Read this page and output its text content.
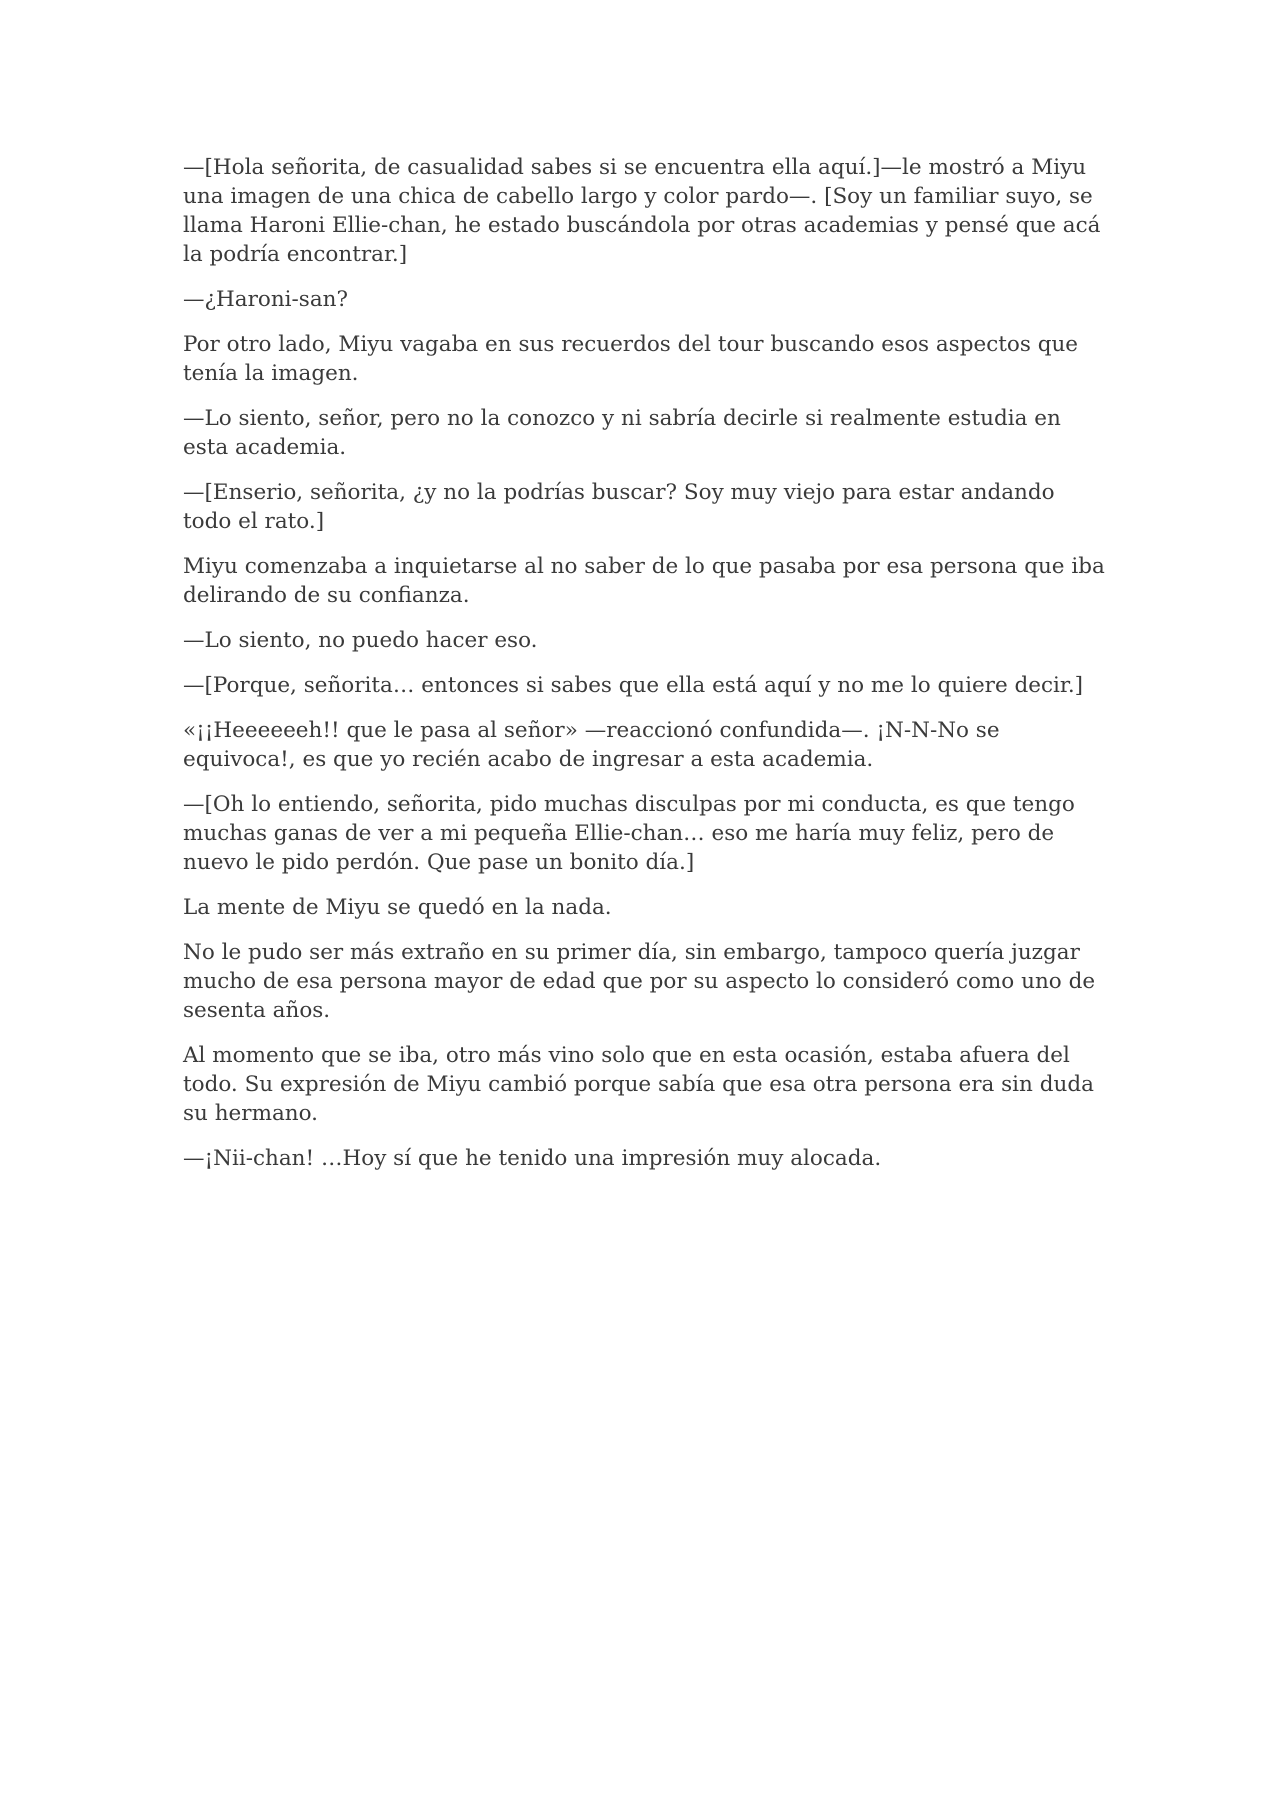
—[Hola señorita, de casualidad sabes si se encuentra ella aquí.]—le mostró a Miyu una imagen de una chica de cabello largo y color pardo—. [Soy un familiar suyo, se llama Haroni Ellie-chan, he estado buscándola por otras academias y pensé que acá la podría encontrar.]

—¿Haroni-san?

Por otro lado, Miyu vagaba en sus recuerdos del tour buscando esos aspectos que tenía la imagen.

—Lo siento, señor, pero no la conozco y ni sabría decirle si realmente estudia en esta academia.

—[Enserio, señorita, ¿y no la podrías buscar? Soy muy viejo para estar andando todo el rato.]

Miyu comenzaba a inquietarse al no saber de lo que pasaba por esa persona que iba delirando de su confianza.

—Lo siento, no puedo hacer eso.

—[Porque, señorita… entonces si sabes que ella está aquí y no me lo quiere decir.]

«¡¡Heeeeeeh!! que le pasa al señor» —reaccionó confundida—. ¡N-N-No se equivoca!, es que yo recién acabo de ingresar a esta academia.

—[Oh lo entiendo, señorita, pido muchas disculpas por mi conducta, es que tengo muchas ganas de ver a mi pequeña Ellie-chan… eso me haría muy feliz, pero de nuevo le pido perdón. Que pase un bonito día.]

La mente de Miyu se quedó en la nada.

No le pudo ser más extraño en su primer día, sin embargo, tampoco quería juzgar mucho de esa persona mayor de edad que por su aspecto lo consideró como uno de sesenta años.

Al momento que se iba, otro más vino solo que en esta ocasión, estaba afuera del todo. Su expresión de Miyu cambió porque sabía que esa otra persona era sin duda su hermano.

—¡Nii-chan! …Hoy sí que he tenido una impresión muy alocada.
